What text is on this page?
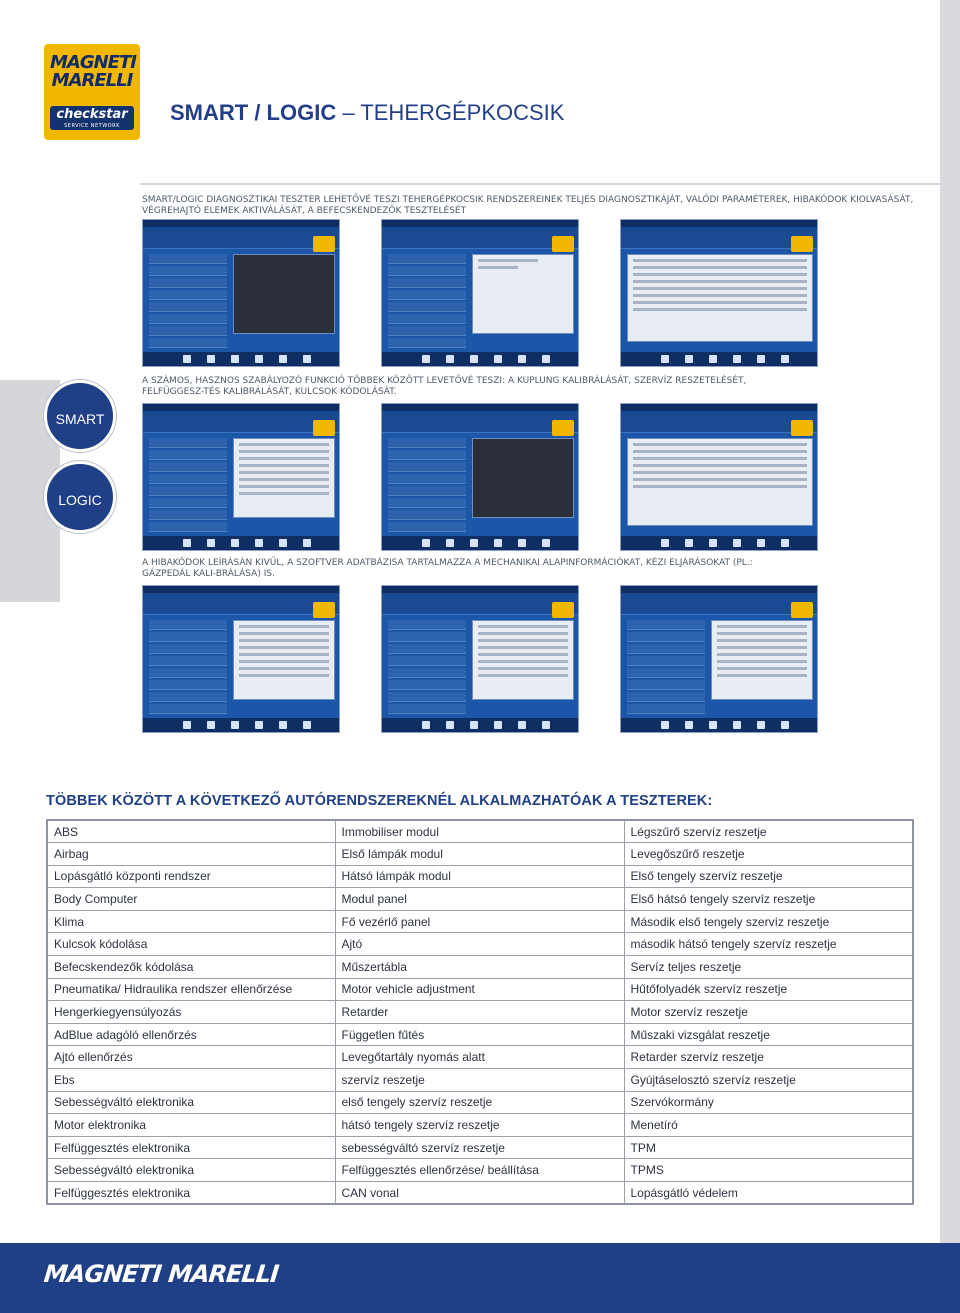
MAGNETI MARELLI
checkstar
SERVICE NETWORK
SMART / LOGIC – TEHERGÉPKOCSIK
SMART/LOGIC DIAGNOSZTIKAI TESZTER LEHETŐVÉ TESZI TEHERGÉPKOCSIK RENDSZEREINEK TELJES DIAGNOSZTIKÁJÁT, VALÓDI PARAMÉTEREK, HIBAKÓDOK KIOLVASÁSÁT, VÉGREHAJTÓ ELEMEK AKTIVÁLÁSÁT, A BEFECSKENDEZŐK TESZTELÉSÉT
SMART
LOGIC
A SZÁMOS, HASZNOS SZABÁLYOZÓ FUNKCIÓ TÖBBEK KÖZÖTT LEVETŐVÉ TESZI: A KUPLUNG KALIBRÁLÁSÁT, SZERVÍZ RESZETELÉSÉT, FELFÜGGESZ-TÉS KALIBRÁLÁSÁT, KULCSOK KÓDOLÁSÁT.
A HIBAKÓDOK LEÍRÁSÁN KIVÜL, A SZOFTVER ADATBÁZISA TARTALMAZZA A MECHANIKAI ALAPINFORMÁCIÓKAT, KÉZI ELJÁRÁSOKAT (PL.: GÁZPEDÁL KALI-BRÁLÁSA) IS.
TÖBBEK KÖZÖTT A KÖVETKEZŐ AUTÓRENDSZEREKNÉL ALKALMAZHATÓAK A TESZTEREK:
ABS	Immobiliser modul	Légszűrő szervíz reszetje
Airbag	Első lámpák modul	Levegőszűrő reszetje
Lopásgátló központi rendszer	Hátsó lámpák modul	Első tengely szervíz reszetje
Body Computer	Modul panel	Első hátsó tengely szervíz reszetje
Klima	Fő vezérlő panel	Második első tengely szervíz reszetje
Kulcsok kódolása	Ajtó	második hátsó tengely szervíz reszetje
Befecskendezők kódolása	Műszertábla	Servíz teljes reszetje
Pneumatika/ Hidraulika rendszer ellenőrzése	Motor vehicle adjustment	Hűtőfolyadék szervíz reszetje
Hengerkiegyensúlyozás	Retarder	Motor szervíz reszetje
AdBlue adagóló ellenőrzés	Független fűtés	Műszaki vizsgálat reszetje
Ajtó ellenőrzés	Levegőtartály nyomás alatt	Retarder szervíz reszetje
Ebs	szervíz reszetje	Gyújtáselosztó szervíz reszetje
Sebességváltó elektronika	első tengely szervíz reszetje	Szervókormány
Motor elektronika	hátsó tengely szervíz reszetje	Menetíró
Felfüggesztés elektronika	sebességváltó szervíz reszetje	TPM
Sebességváltó elektronika	Felfüggesztés ellenőrzése/ beállítása	TPMS
Felfüggesztés elektronika	CAN vonal	Lopásgátló védelem
MAGNETI MARELLI
